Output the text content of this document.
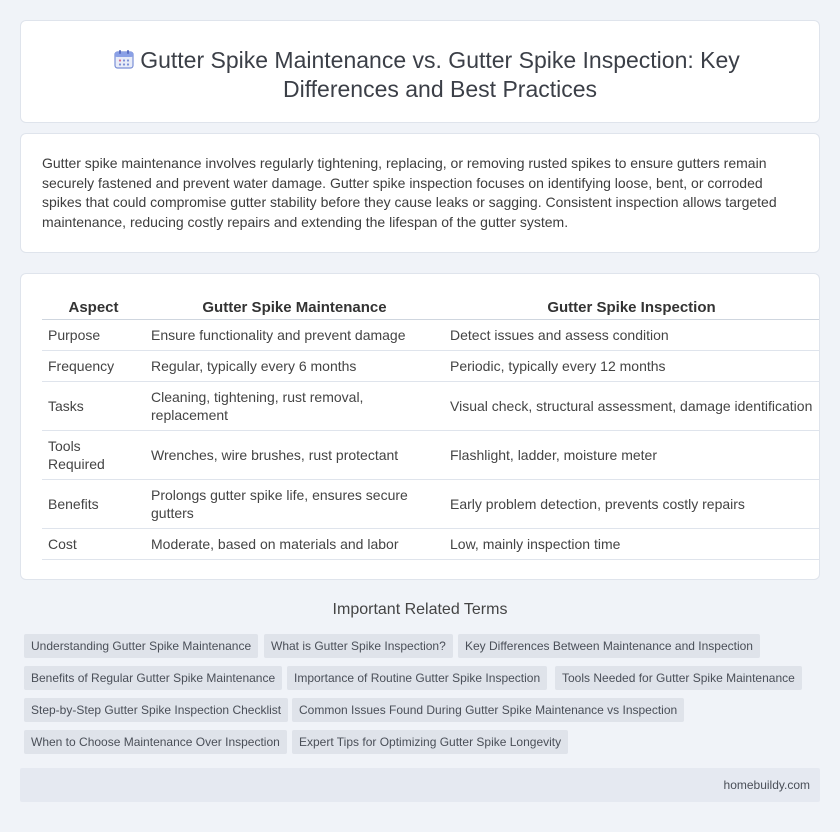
Gutter Spike Maintenance vs. Gutter Spike Inspection: Key Differences and Best Practices

Gutter spike maintenance involves regularly tightening, replacing, or removing rusted spikes to ensure gutters remain securely fastened and prevent water damage. Gutter spike inspection focuses on identifying loose, bent, or corroded spikes that could compromise gutter stability before they cause leaks or sagging. Consistent inspection allows targeted maintenance, reducing costly repairs and extending the lifespan of the gutter system.

Aspect	Gutter Spike Maintenance	Gutter Spike Inspection
Purpose	Ensure functionality and prevent damage	Detect issues and assess condition
Frequency	Regular, typically every 6 months	Periodic, typically every 12 months
Tasks	Cleaning, tightening, rust removal, replacement	Visual check, structural assessment, damage identification
Tools Required	Wrenches, wire brushes, rust protectant	Flashlight, ladder, moisture meter
Benefits	Prolongs gutter spike life, ensures secure gutters	Early problem detection, prevents costly repairs
Cost	Moderate, based on materials and labor	Low, mainly inspection time
Important Related Terms
Understanding Gutter Spike Maintenance	What is Gutter Spike Inspection?	Key Differences Between Maintenance and Inspection
Benefits of Regular Gutter Spike Maintenance	Importance of Routine Gutter Spike Inspection	Tools Needed for Gutter Spike Maintenance
Step-by-Step Gutter Spike Inspection Checklist	Common Issues Found During Gutter Spike Maintenance vs Inspection
When to Choose Maintenance Over Inspection	Expert Tips for Optimizing Gutter Spike Longevity
homebuildy.com
